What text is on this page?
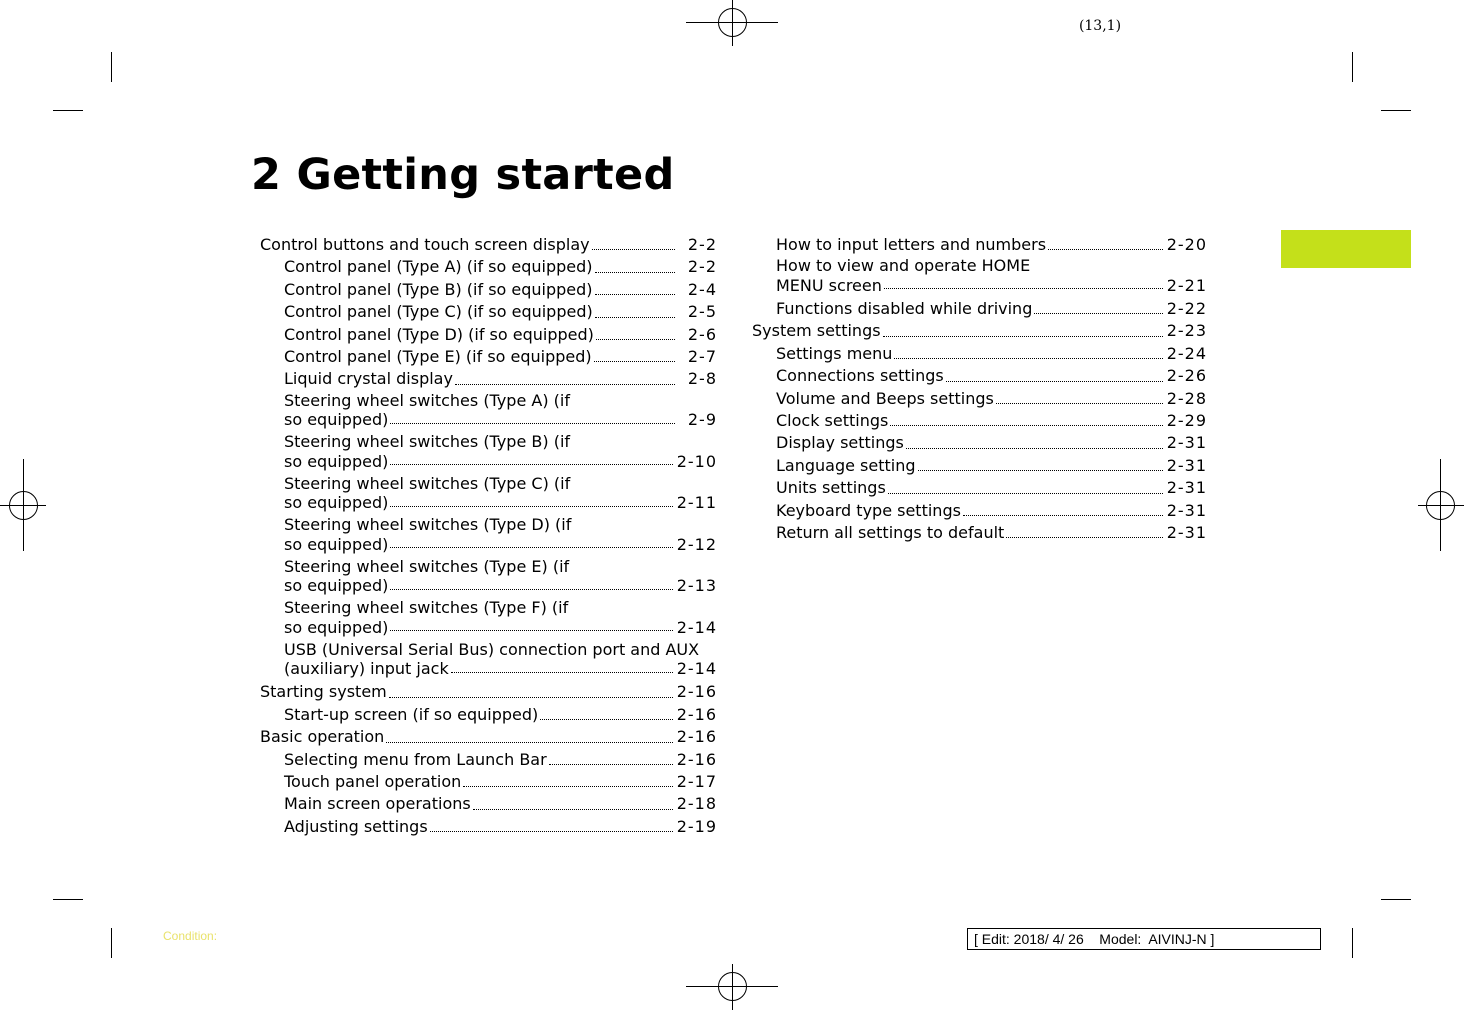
(13,1)
2 Getting started
Control buttons and touch screen display	2-2
Control panel (Type A) (if so equipped)	2-2
Control panel (Type B) (if so equipped)	2-4
Control panel (Type C) (if so equipped)	2-5
Control panel (Type D) (if so equipped)	2-6
Control panel (Type E) (if so equipped)	2-7
Liquid crystal display	2-8
Steering wheel switches (Type A) (if
so equipped)	2-9
Steering wheel switches (Type B) (if
so equipped)	2-10
Steering wheel switches (Type C) (if
so equipped)	2-11
Steering wheel switches (Type D) (if
so equipped)	2-12
Steering wheel switches (Type E) (if
so equipped)	2-13
Steering wheel switches (Type F) (if
so equipped)	2-14
USB (Universal Serial Bus) connection port and AUX
(auxiliary) input jack	2-14
Starting system	2-16
Start-up screen (if so equipped)	2-16
Basic operation	2-16
Selecting menu from Launch Bar	2-16
Touch panel operation	2-17
Main screen operations	2-18
Adjusting settings	2-19
How to input letters and numbers	2-20
How to view and operate HOME
MENU screen	2-21
Functions disabled while driving	2-22
System settings	2-23
Settings menu	2-24
Connections settings	2-26
Volume and Beeps settings	2-28
Clock settings	2-29
Display settings	2-31
Language setting	2-31
Units settings	2-31
Keyboard type settings	2-31
Return all settings to default	2-31
Condition:	[ Edit: 2018/ 4/ 26    Model:  AIVINJ-N ]
